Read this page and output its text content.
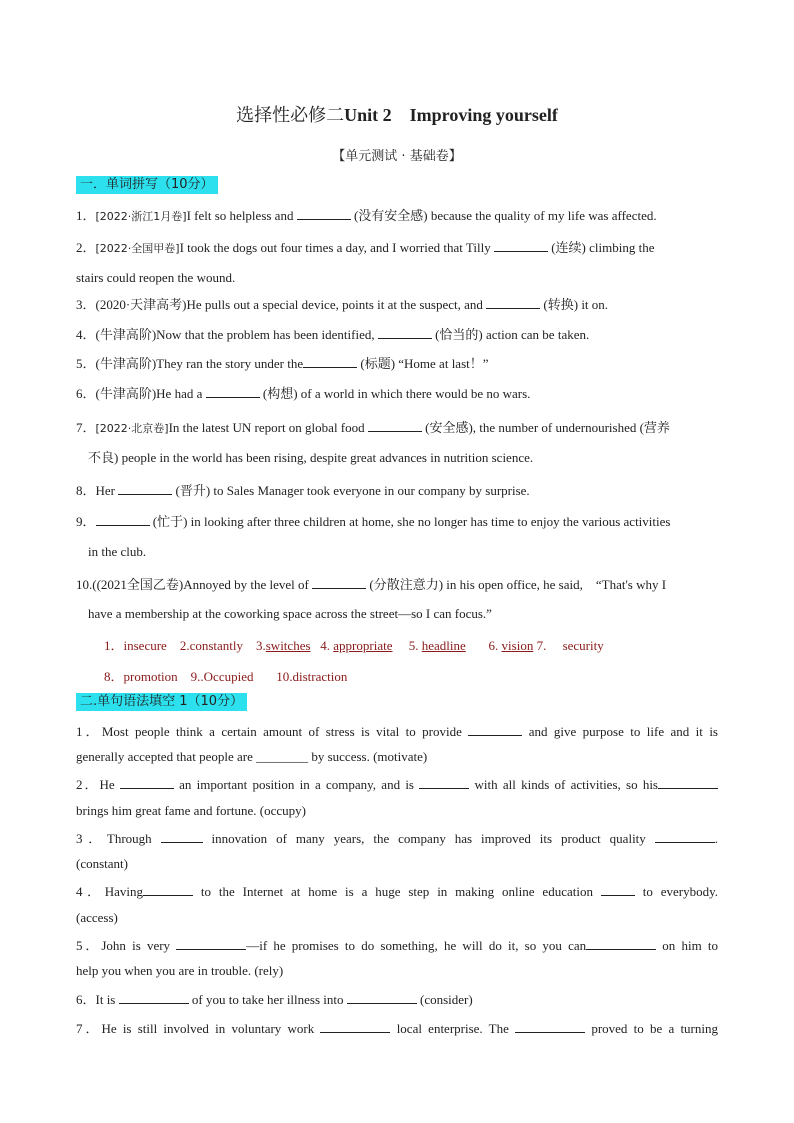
选择性必修二Unit 2　Improving yourself
【单元测试 · 基础卷】
一．单词拼写（10分）
1．[2022·浙江1月卷]I felt so helpless and	(没有安全感) because the quality of my life was affected.
2．[2022·全国甲卷]I took the dogs out four times a day, and I worried that Tilly	(连续) climbing the
stairs could reopen the wound.
3．(2020·天津高考)He pulls out a special device, points it at the suspect, and	(转换) it on.
4．(牛津高阶)Now that the problem has been identified,	(恰当的) action can be taken.
5．(牛津高阶)They ran the story under the	(标题) “Home at last！”
6．(牛津高阶)He had a	(构想) of a world in which there would be no wars.
7．[2022·北京卷]In the latest UN report on global food	(安全感), the number of undernourished (营养
不良) people in the world has been rising, despite great advances in nutrition science.
8．Her	(晋升) to Sales Manager took everyone in our company by surprise.
9．	(忙于) in looking after three children at home, she no longer has time to enjoy the various activities
in the club.
10.((2021全国乙卷)Annoyed by the level of	(分散注意力) in his open office, he said,　“That's why I
have a membership at the coworking space across the street—so I can focus.”
1．insecure 2.constantly 3.switches 4. appropriate 5. headline 6. vision 7. security
8．promotion 9..Occupied 10.distraction
二.单句语法填空 1（10分）
1．Most people think a certain amount of stress is vital to provide	and give purpose to life and it is
generally accepted that people are ________ by success. (motivate)
2．He	an important position in a company, and is	with all kinds of activities, so his
brings him great fame and fortune. (occupy)
3．Through	innovation of many years, the company has improved its product quality	.
(constant)
4．Having	to the Internet at home is a huge step in making online education	to everybody.
(access)
5．John is very	—if he promises to do something, he will do it, so you can	on him to
help you when you are in trouble. (rely)
6．It is	of you to take her illness into	(consider)
7．He is still involved in voluntary work	local enterprise. The	proved to be a turning
